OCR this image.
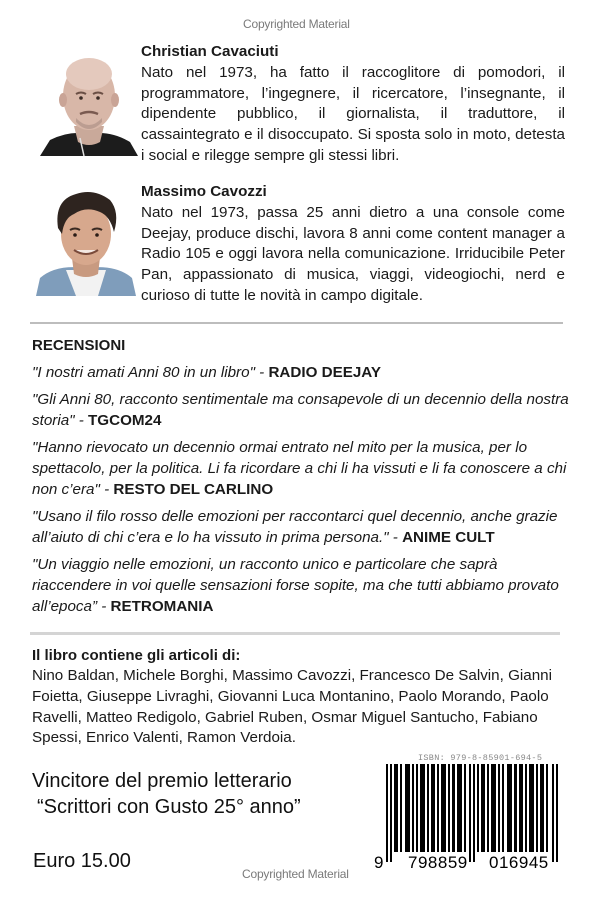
Copyrighted Material
Christian Cavaciuti
Nato nel 1973, ha fatto il raccoglitore di pomodori, il programmatore, l’ingegnere, il ricercatore, l’insegnante, il dipendente pubblico, il giornalista, il traduttore, il cassaintegrato e il disoccupato. Si sposta solo in moto, detesta i social e rilegge sempre gli stessi libri.
Massimo Cavozzi
Nato nel 1973, passa 25 anni dietro a una console come Deejay, produce dischi, lavora 8 anni come content manager a Radio 105 e oggi lavora nella comunicazione. Irriducibile Peter Pan, appassionato di musica, viaggi, videogiochi, nerd e curioso di tutte le novità in campo digitale.
RECENSIONI
"I nostri amati Anni 80 in un libro" - RADIO DEEJAY
"Gli Anni 80, racconto sentimentale ma consapevole di un decennio della nostra storia" - TGCOM24
"Hanno rievocato un decennio ormai entrato nel mito per la musica, per lo spettacolo, per la politica. Li fa ricordare a chi li ha vissuti e li fa conoscere a chi non c’era" - RESTO DEL CARLINO
"Usano il filo rosso delle emozioni per raccontarci quel decennio, anche grazie all’aiuto di chi c’era e lo ha vissuto in prima persona." - ANIME CULT
"Un viaggio nelle emozioni, un racconto unico e particolare che saprà riaccendere in voi quelle sensazioni forse sopite, ma che tutti abbiamo provato all’epoca” - RETROMANIA
Il libro contiene gli articoli di:
Nino Baldan, Michele Borghi, Massimo Cavozzi, Francesco De Salvin, Gianni Foietta, Giuseppe Livraghi, Giovanni Luca Montanino, Paolo Morando, Paolo Ravelli, Matteo Redigolo, Gabriel Ruben, Osmar Miguel Santucho, Fabiano Spessi, Enrico Valenti, Ramon Verdoia.
Vincitore del premio letterario
“Scrittori con Gusto 25° anno”
Euro 15.00
ISBN: 979-8-85901-694-5
9 798859 016945
Copyrighted Material
